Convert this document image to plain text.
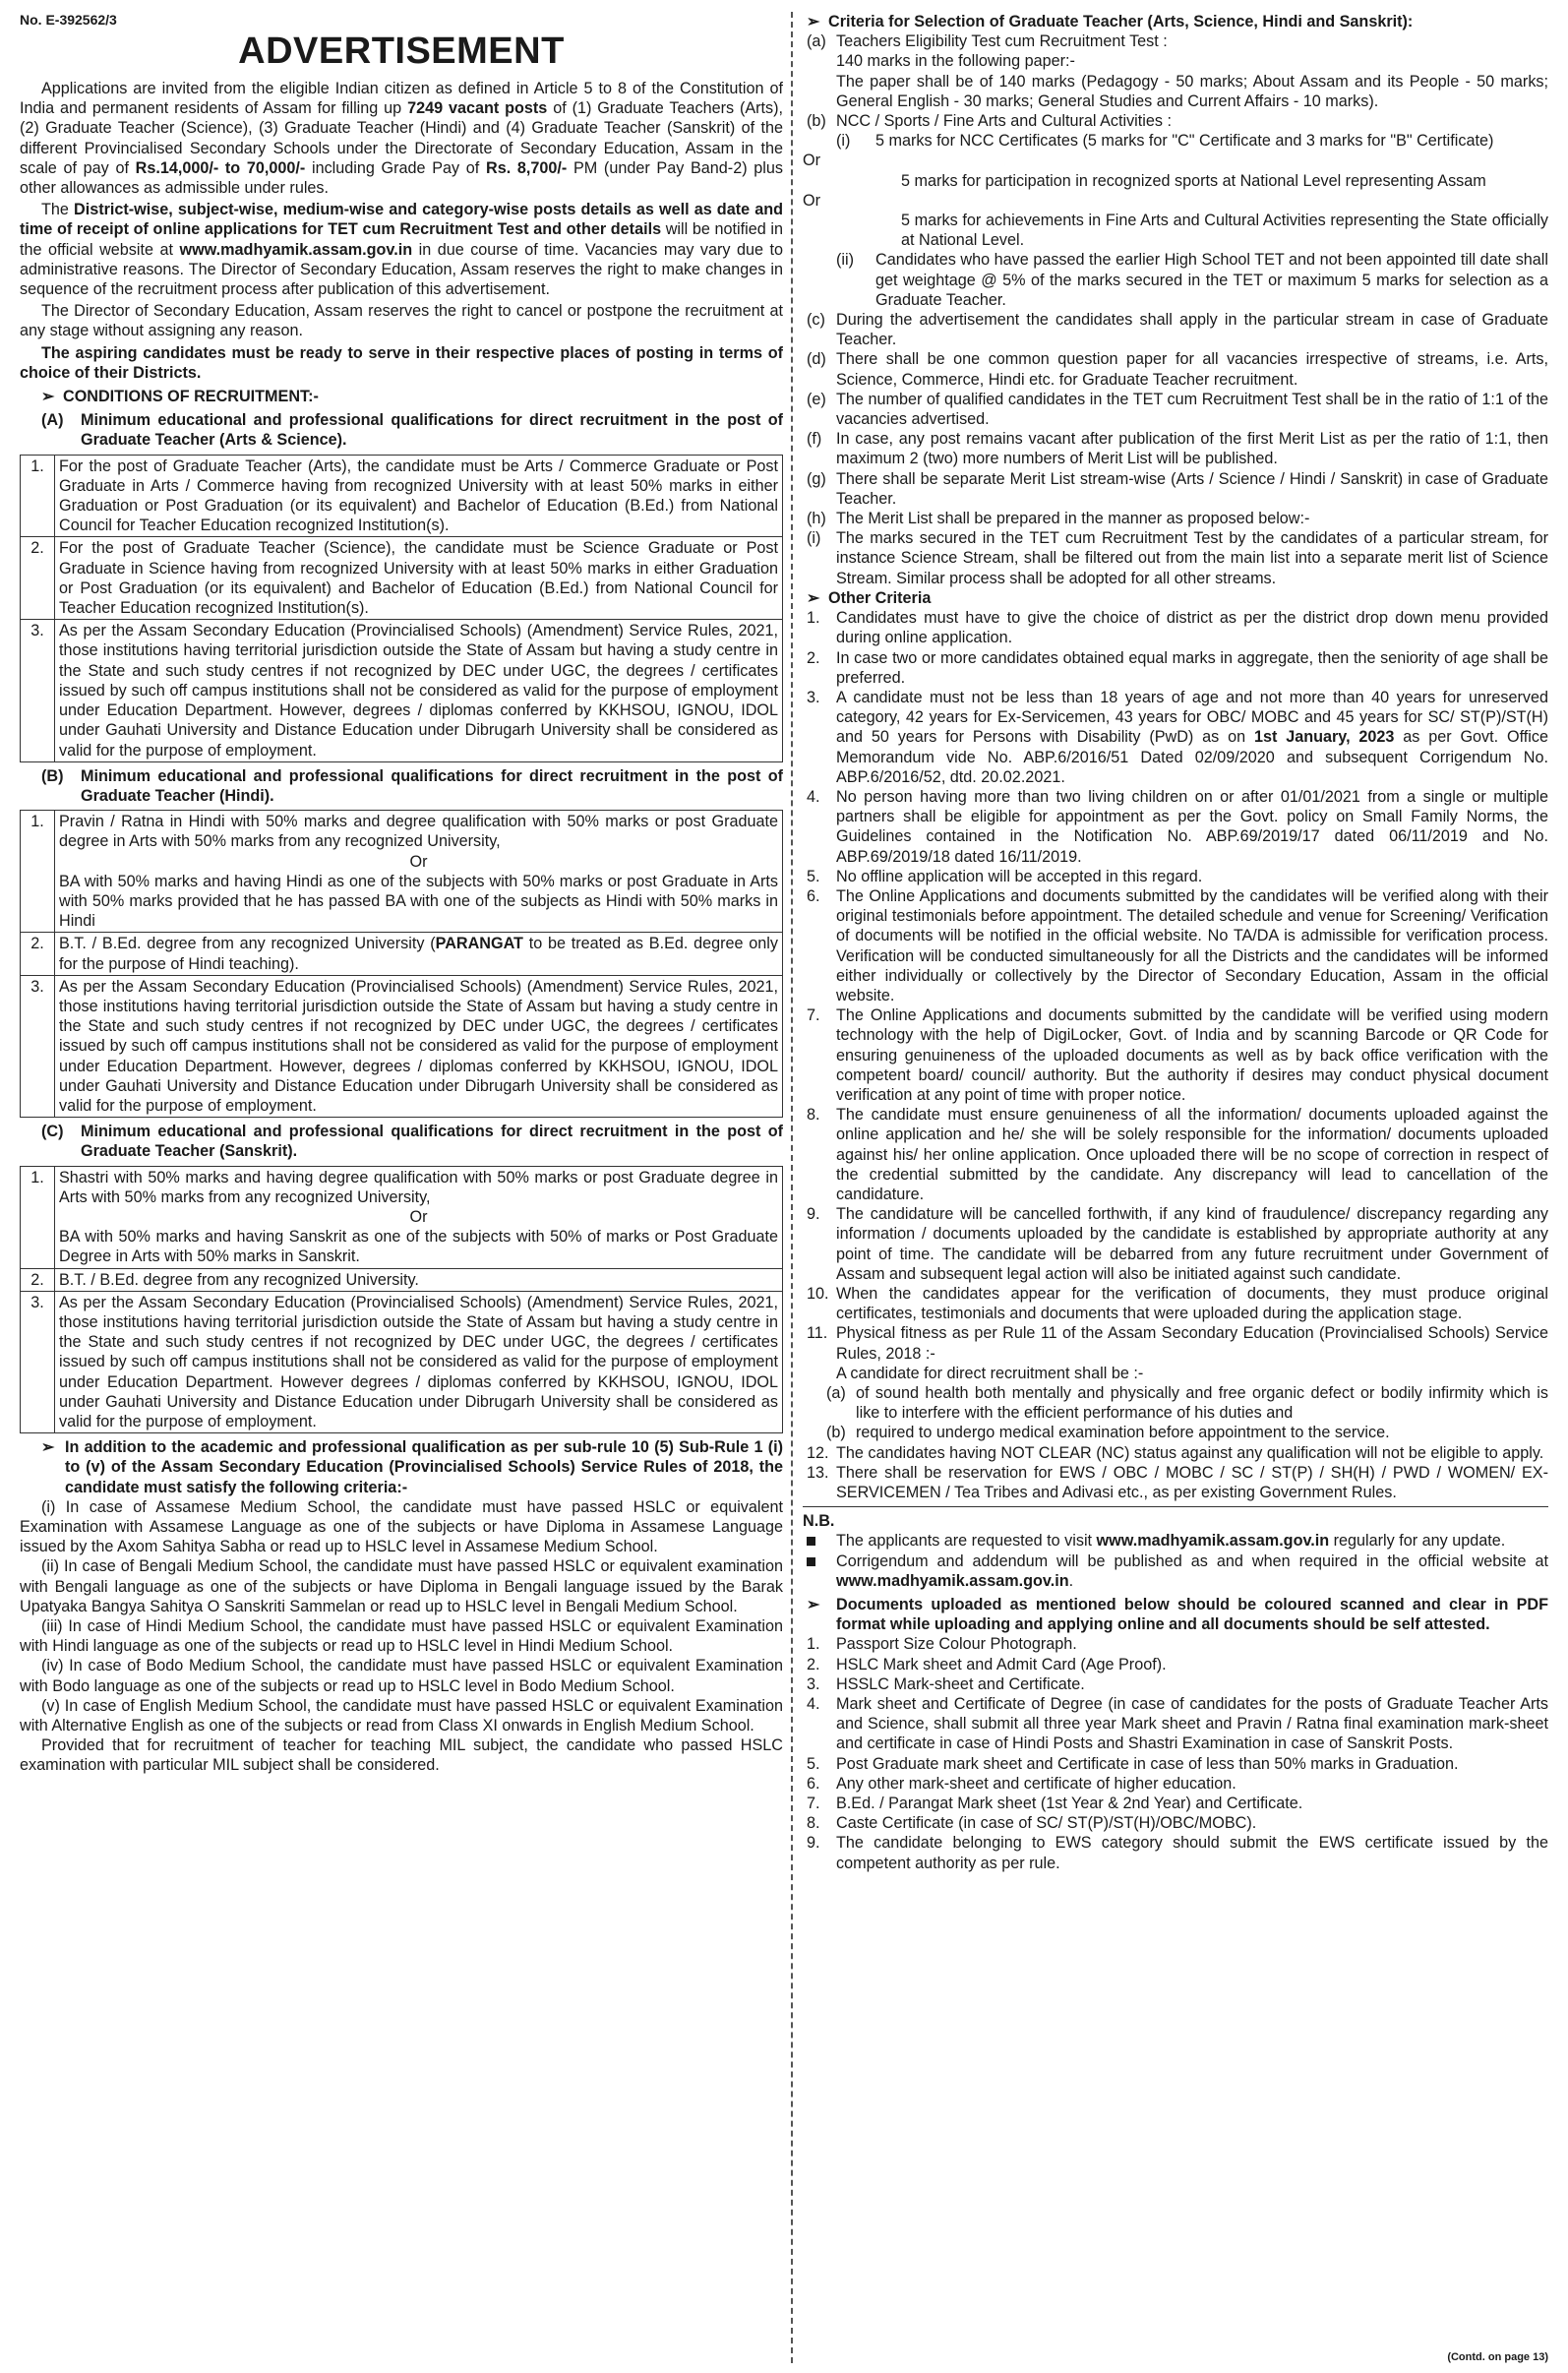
No. E-392562/3
ADVERTISEMENT

Applications are invited from the eligible Indian citizen as defined in Article 5 to 8 of the Constitution of India and permanent residents of Assam for filling up 7249 vacant posts of (1) Graduate Teachers (Arts), (2) Graduate Teacher (Science), (3) Graduate Teacher (Hindi) and (4) Graduate Teacher (Sanskrit) of the different Provincialised Secondary Schools under the Directorate of Secondary Education, Assam in the scale of pay of Rs.14,000/- to 70,000/- including Grade Pay of Rs. 8,700/- PM (under Pay Band-2) plus other allowances as admissible under rules.

The District-wise, subject-wise, medium-wise and category-wise posts details as well as date and time of receipt of online applications for TET cum Recruitment Test and other details will be notified in the official website at www.madhyamik.assam.gov.in in due course of time. Vacancies may vary due to administrative reasons. The Director of Secondary Education, Assam reserves the right to make changes in sequence of the recruitment process after publication of this advertisement.

The Director of Secondary Education, Assam reserves the right to cancel or postpone the recruitment at any stage without assigning any reason.

The aspiring candidates must be ready to serve in their respective places of posting in terms of choice of their Districts.

➢ CONDITIONS OF RECRUITMENT:-
(A) Minimum educational and professional qualifications for direct recruitment in the post of Graduate Teacher (Arts & Science).
1.	For the post of Graduate Teacher (Arts), the candidate must be Arts / Commerce Graduate or Post Graduate in Arts / Commerce having from recognized University with at least 50% marks in either Graduation or Post Graduation (or its equivalent) and Bachelor of Education (B.Ed.) from National Council for Teacher Education recognized Institution(s).
2.	For the post of Graduate Teacher (Science), the candidate must be Science Graduate or Post Graduate in Science having from recognized University with at least 50% marks in either Graduation or Post Graduation (or its equivalent) and Bachelor of Education (B.Ed.) from National Council for Teacher Education recognized Institution(s).
3.	As per the Assam Secondary Education (Provincialised Schools) (Amendment) Service Rules, 2021, those institutions having territorial jurisdiction outside the State of Assam but having a study centre in the State and such study centres if not recognized by DEC under UGC, the degrees / certificates issued by such off campus institutions shall not be considered as valid for the purpose of employment under Education Department. However, degrees / diplomas conferred by KKHSOU, IGNOU, IDOL under Gauhati University and Distance Education under Dibrugarh University shall be considered as valid for the purpose of employment.
(B) Minimum educational and professional qualifications for direct recruitment in the post of Graduate Teacher (Hindi).
1.	Pravin / Ratna in Hindi with 50% marks and degree qualification with 50% marks or post Graduate degree in Arts with 50% marks from any recognized University,
Or
BA with 50% marks and having Hindi as one of the subjects with 50% marks or post Graduate in Arts with 50% marks provided that he has passed BA with one of the subjects as Hindi with 50% marks in Hindi

2.	B.T. / B.Ed. degree from any recognized University (PARANGAT to be treated as B.Ed. degree only for the purpose of Hindi teaching).
3.	As per the Assam Secondary Education (Provincialised Schools) (Amendment) Service Rules, 2021, those institutions having territorial jurisdiction outside the State of Assam but having a study centre in the State and such study centres if not recognized by DEC under UGC, the degrees / certificates issued by such off campus institutions shall not be considered as valid for the purpose of employment under Education Department. However, degrees / diplomas conferred by KKHSOU, IGNOU, IDOL under Gauhati University and Distance Education under Dibrugarh University shall be considered as valid for the purpose of employment.
(C) Minimum educational and professional qualifications for direct recruitment in the post of Graduate Teacher (Sanskrit).
1.	Shastri with 50% marks and having degree qualification with 50% marks or post Graduate degree in Arts with 50% marks from any recognized University,
Or
BA with 50% marks and having Sanskrit as one of the subjects with 50% of marks or Post Graduate Degree in Arts with 50% marks in Sanskrit.

2.	B.T. / B.Ed. degree from any recognized University.
3.	As per the Assam Secondary Education (Provincialised Schools) (Amendment) Service Rules, 2021, those institutions having territorial jurisdiction outside the State of Assam but having a study centre in the State and such study centres if not recognized by DEC under UGC, the degrees / certificates issued by such off campus institutions shall not be considered as valid for the purpose of employment under Education Department. However degrees / diplomas conferred by KKHSOU, IGNOU, IDOL under Gauhati University and Distance Education under Dibrugarh University shall be considered as valid for the purpose of employment.
➢ In addition to the academic and professional qualification as per sub-rule 10 (5) Sub-Rule 1 (i) to (v) of the Assam Secondary Education (Provincialised Schools) Service Rules of 2018, the candidate must satisfy the following criteria:-

(i) In case of Assamese Medium School, the candidate must have passed HSLC or equivalent Examination with Assamese Language as one of the subjects or have Diploma in Assamese Language issued by the Axom Sahitya Sabha or read up to HSLC level in Assamese Medium School.

(ii) In case of Bengali Medium School, the candidate must have passed HSLC or equivalent examination with Bengali language as one of the subjects or have Diploma in Bengali language issued by the Barak Upatyaka Bangya Sahitya O Sanskriti Sammelan or read up to HSLC level in Bengali Medium School.

(iii) In case of Hindi Medium School, the candidate must have passed HSLC or equivalent Examination with Hindi language as one of the subjects or read up to HSLC level in Hindi Medium School.

(iv) In case of Bodo Medium School, the candidate must have passed HSLC or equivalent Examination with Bodo language as one of the subjects or read up to HSLC level in Bodo Medium School.

(v) In case of English Medium School, the candidate must have passed HSLC or equivalent Examination with Alternative English as one of the subjects or read from Class XI onwards in English Medium School.

Provided that for recruitment of teacher for teaching MIL subject, the candidate who passed HSLC examination with particular MIL subject shall be considered.

➢ Criteria for Selection of Graduate Teacher (Arts, Science, Hindi and Sanskrit):
(a) Teachers Eligibility Test cum Recruitment Test :
140 marks in the following paper:-
The paper shall be of 140 marks (Pedagogy - 50 marks; About Assam and its People - 50 marks; General English - 30 marks; General Studies and Current Affairs - 10 marks).
(b) NCC / Sports / Fine Arts and Cultural Activities :
(i) 5 marks for NCC Certificates (5 marks for "C" Certificate and 3 marks for "B" Certificate)
Or
5 marks for participation in recognized sports at National Level representing Assam
Or
5 marks for achievements in Fine Arts and Cultural Activities representing the State officially at National Level.
(ii) Candidates who have passed the earlier High School TET and not been appointed till date shall get weightage @ 5% of the marks secured in the TET or maximum 5 marks for selection as a Graduate Teacher.
(c) During the advertisement the candidates shall apply in the particular stream in case of Graduate Teacher.
(d) There shall be one common question paper for all vacancies irrespective of streams, i.e. Arts, Science, Commerce, Hindi etc. for Graduate Teacher recruitment.
(e) The number of qualified candidates in the TET cum Recruitment Test shall be in the ratio of 1:1 of the vacancies advertised.
(f) In case, any post remains vacant after publication of the first Merit List as per the ratio of 1:1, then maximum 2 (two) more numbers of Merit List will be published.
(g) There shall be separate Merit List stream-wise (Arts / Science / Hindi / Sanskrit) in case of Graduate Teacher.
(h) The Merit List shall be prepared in the manner as proposed below:-
(i) The marks secured in the TET cum Recruitment Test by the candidates of a particular stream, for instance Science Stream, shall be filtered out from the main list into a separate merit list of Science Stream. Similar process shall be adopted for all other streams.
➢ Other Criteria
1. Candidates must have to give the choice of district as per the district drop down menu provided during online application.
2. In case two or more candidates obtained equal marks in aggregate, then the seniority of age shall be preferred.
3. A candidate must not be less than 18 years of age and not more than 40 years for unreserved category, 42 years for Ex-Servicemen, 43 years for OBC/ MOBC and 45 years for SC/ ST(P)/ST(H) and 50 years for Persons with Disability (PwD) as on 1st January, 2023 as per Govt. Office Memorandum vide No. ABP.6/2016/51 Dated 02/09/2020 and subsequent Corrigendum No. ABP.6/2016/52, dtd. 20.02.2021.
4. No person having more than two living children on or after 01/01/2021 from a single or multiple partners shall be eligible for appointment as per the Govt. policy on Small Family Norms, the Guidelines contained in the Notification No. ABP.69/2019/17 dated 06/11/2019 and No. ABP.69/2019/18 dated 16/11/2019.
5. No offline application will be accepted in this regard.
6. The Online Applications and documents submitted by the candidates will be verified along with their original testimonials before appointment. The detailed schedule and venue for Screening/ Verification of documents will be notified in the official website. No TA/DA is admissible for verification process. Verification will be conducted simultaneously for all the Districts and the candidates will be informed either individually or collectively by the Director of Secondary Education, Assam in the official website.
7. The Online Applications and documents submitted by the candidate will be verified using modern technology with the help of DigiLocker, Govt. of India and by scanning Barcode or QR Code for ensuring genuineness of the uploaded documents as well as by back office verification with the competent board/ council/ authority. But the authority if desires may conduct physical document verification at any point of time with proper notice.
8. The candidate must ensure genuineness of all the information/ documents uploaded against the online application and he/ she will be solely responsible for the information/ documents uploaded against his/ her online application. Once uploaded there will be no scope of correction in respect of the credential submitted by the candidate. Any discrepancy will lead to cancellation of the candidature.
9. The candidature will be cancelled forthwith, if any kind of fraudulence/ discrepancy regarding any information / documents uploaded by the candidate is established by appropriate authority at any point of time. The candidate will be debarred from any future recruitment under Government of Assam and subsequent legal action will also be initiated against such candidate.
10. When the candidates appear for the verification of documents, they must produce original certificates, testimonials and documents that were uploaded during the application stage.
11. Physical fitness as per Rule 11 of the Assam Secondary Education (Provincialised Schools) Service Rules, 2018 :-
A candidate for direct recruitment shall be :-
(a) of sound health both mentally and physically and free organic defect or bodily infirmity which is like to interfere with the efficient performance of his duties and
(b) required to undergo medical examination before appointment to the service.
12. The candidates having NOT CLEAR (NC) status against any qualification will not be eligible to apply.
13. There shall be reservation for EWS / OBC / MOBC / SC / ST(P) / SH(H) / PWD / WOMEN/ EX-SERVICEMEN / Tea Tribes and Adivasi etc., as per existing Government Rules.
N.B.
The applicants are requested to visit www.madhyamik.assam.gov.in regularly for any update.
Corrigendum and addendum will be published as and when required in the official website at www.madhyamik.assam.gov.in.
➢ Documents uploaded as mentioned below should be coloured scanned and clear in PDF format while uploading and applying online and all documents should be self attested.
1. Passport Size Colour Photograph.
2. HSLC Mark sheet and Admit Card (Age Proof).
3. HSSLC Mark-sheet and Certificate.
4. Mark sheet and Certificate of Degree (in case of candidates for the posts of Graduate Teacher Arts and Science, shall submit all three year Mark sheet and Pravin / Ratna final examination mark-sheet and certificate in case of Hindi Posts and Shastri Examination in case of Sanskrit Posts.
5. Post Graduate mark sheet and Certificate in case of less than 50% marks in Graduation.
6. Any other mark-sheet and certificate of higher education.
7. B.Ed. / Parangat Mark sheet (1st Year & 2nd Year) and Certificate.
8. Caste Certificate (in case of SC/ ST(P)/ST(H)/OBC/MOBC).
9. The candidate belonging to EWS category should submit the EWS certificate issued by the competent authority as per rule.
(Contd. on page 13)
